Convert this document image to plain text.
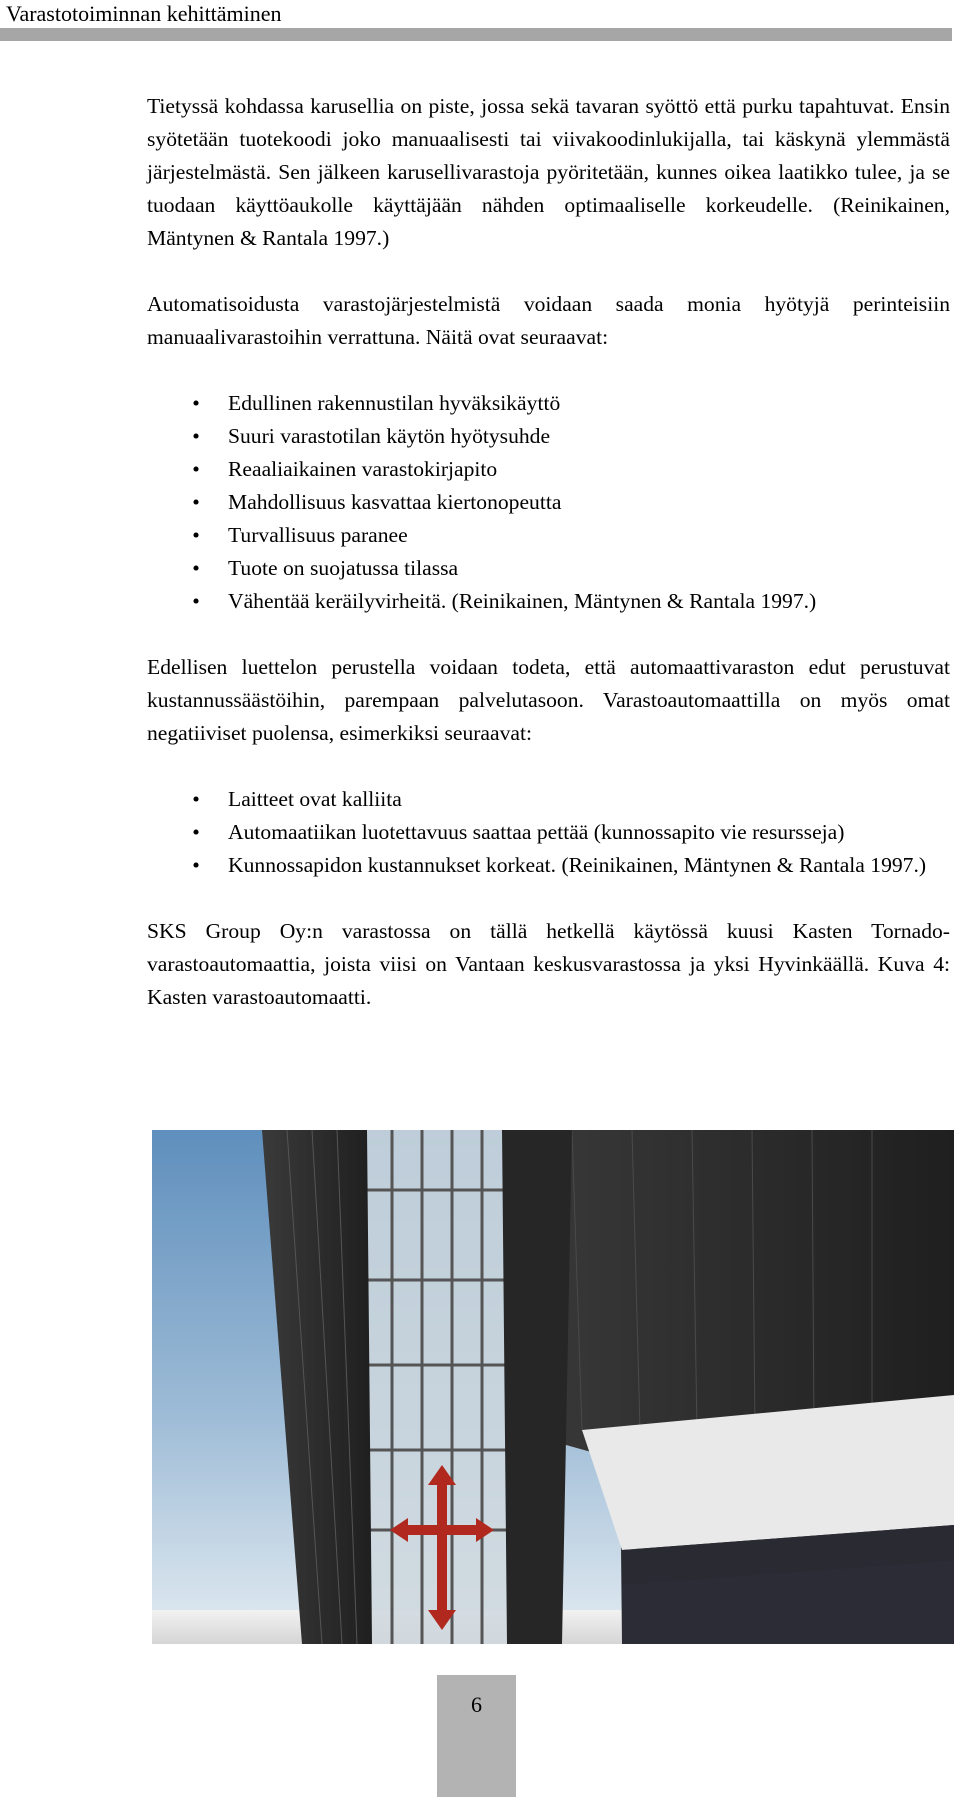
Varastotoiminnan kehittäminen

Tietyssä kohdassa karusellia on piste, jossa sekä tavaran syöttö että purku tapahtuvat. Ensin syötetään tuotekoodi joko manuaalisesti tai viivakoodinlukijalla, tai käskynä ylemmästä järjestelmästä. Sen jälkeen karusellivarastoja pyöritetään, kunnes oikea laatikko tulee, ja se tuodaan käyttöaukolle käyttäjään nähden optimaaliselle korkeudelle. (Reinikainen, Mäntynen & Rantala 1997.)

Automatisoidusta varastojärjestelmistä voidaan saada monia hyötyjä perinteisiin manuaalivarastoihin verrattuna. Näitä ovat seuraavat:

• Edullinen rakennustilan hyväksikäyttö
• Suuri varastotilan käytön hyötysuhde
• Reaaliaikainen varastokirjapito
• Mahdollisuus kasvattaa kiertonopeutta
• Turvallisuus paranee
• Tuote on suojatussa tilassa
• Vähentää keräilyvirheitä. (Reinikainen, Mäntynen & Rantala 1997.)

Edellisen luettelon perustella voidaan todeta, että automaattivaraston edut perustuvat kustannussäästöihin, parempaan palvelutasoon. Varastoautomaattilla on myös omat negatiiviset puolensa, esimerkiksi seuraavat:

• Laitteet ovat kalliita
• Automaatiikan luotettavuus saattaa pettää (kunnossapito vie resursseja)
• Kunnossapidon kustannukset korkeat. (Reinikainen, Mäntynen & Rantala 1997.)

SKS Group Oy:n varastossa on tällä hetkellä käytössä kuusi Kasten Tornado-varastoautomaattia, joista viisi on Vantaan keskusvarastossa ja yksi Hyvinkäällä. Kuva 4: Kasten varastoautomaatti.

6
